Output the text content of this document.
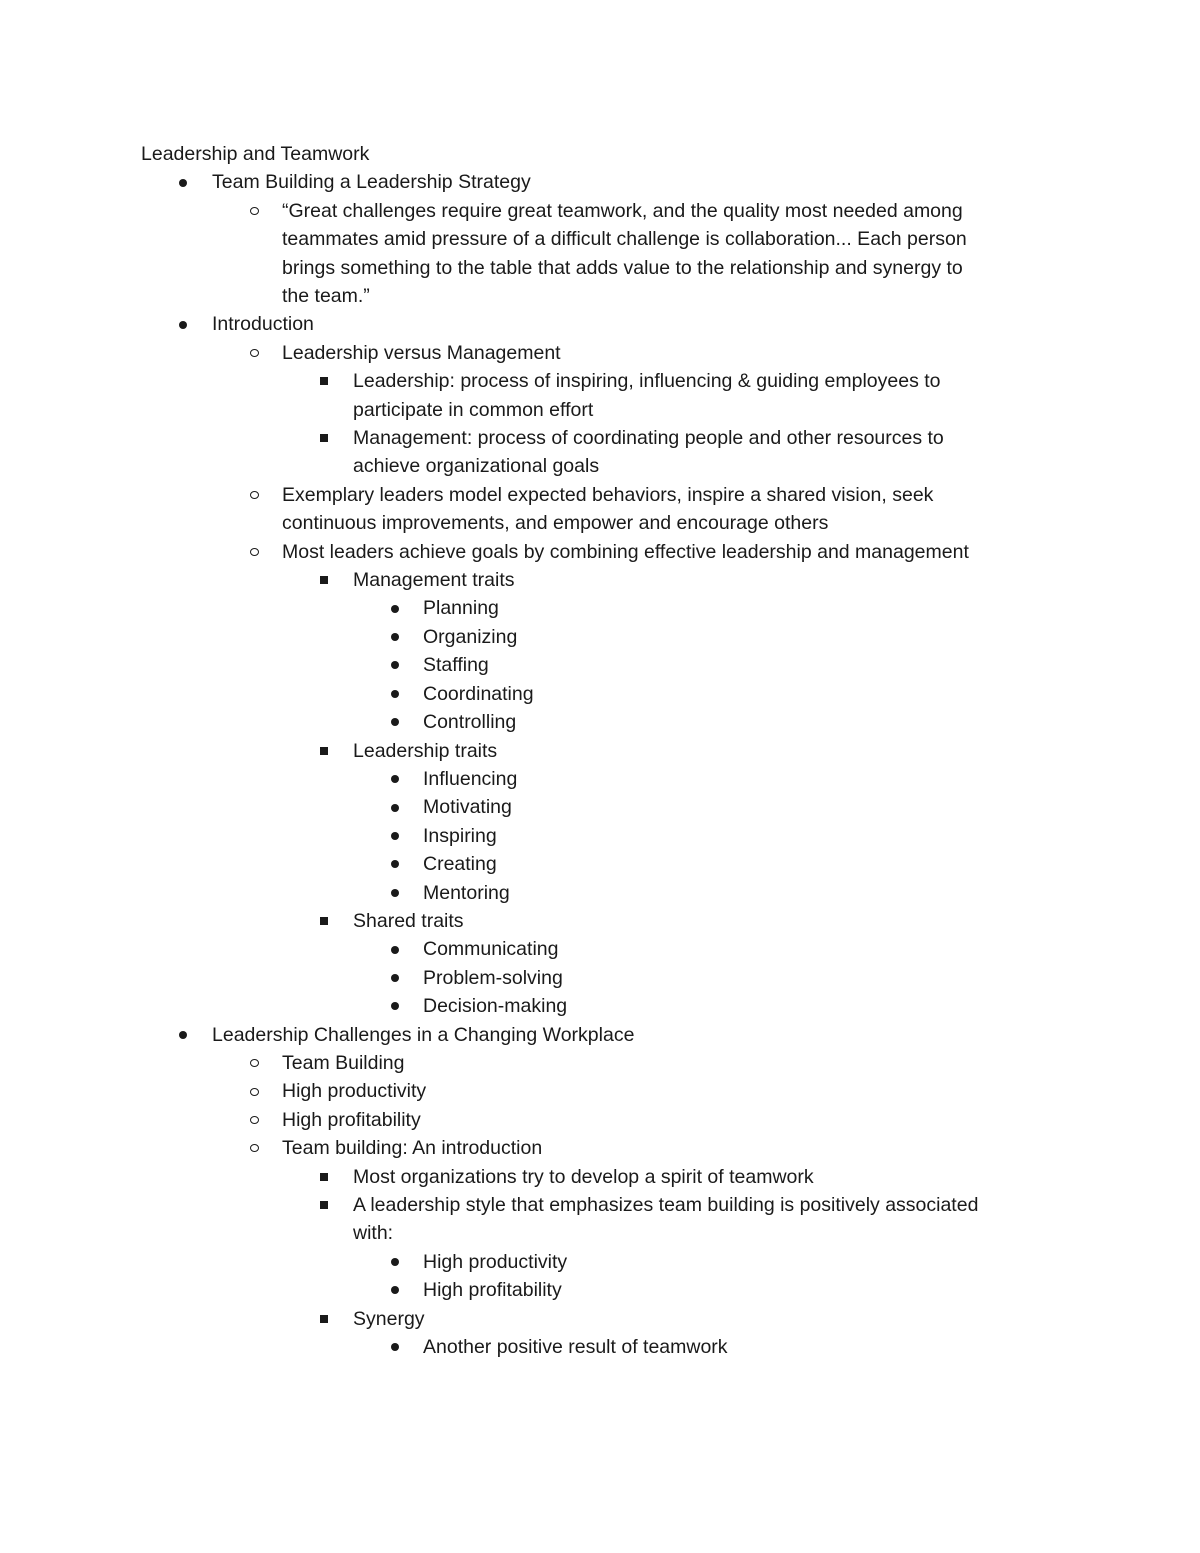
Leadership and Teamwork
Team Building a Leadership Strategy
“Great challenges require great teamwork, and the quality most needed among
teammates amid pressure of a difficult challenge is collaboration... Each person
brings something to the table that adds value to the relationship and synergy to
the team.”
Introduction
Leadership versus Management
Leadership: process of inspiring, influencing & guiding employees to
participate in common effort
Management: process of coordinating people and other resources to
achieve organizational goals
Exemplary leaders model expected behaviors, inspire a shared vision, seek
continuous improvements, and empower and encourage others
Most leaders achieve goals by combining effective leadership and management
Management traits
Planning
Organizing
Staffing
Coordinating
Controlling
Leadership traits
Influencing
Motivating
Inspiring
Creating
Mentoring
Shared traits
Communicating
Problem-solving
Decision-making
Leadership Challenges in a Changing Workplace
Team Building
High productivity
High profitability
Team building: An introduction
Most organizations try to develop a spirit of teamwork
A leadership style that emphasizes team building is positively associated
with:
High productivity
High profitability
Synergy
Another positive result of teamwork
